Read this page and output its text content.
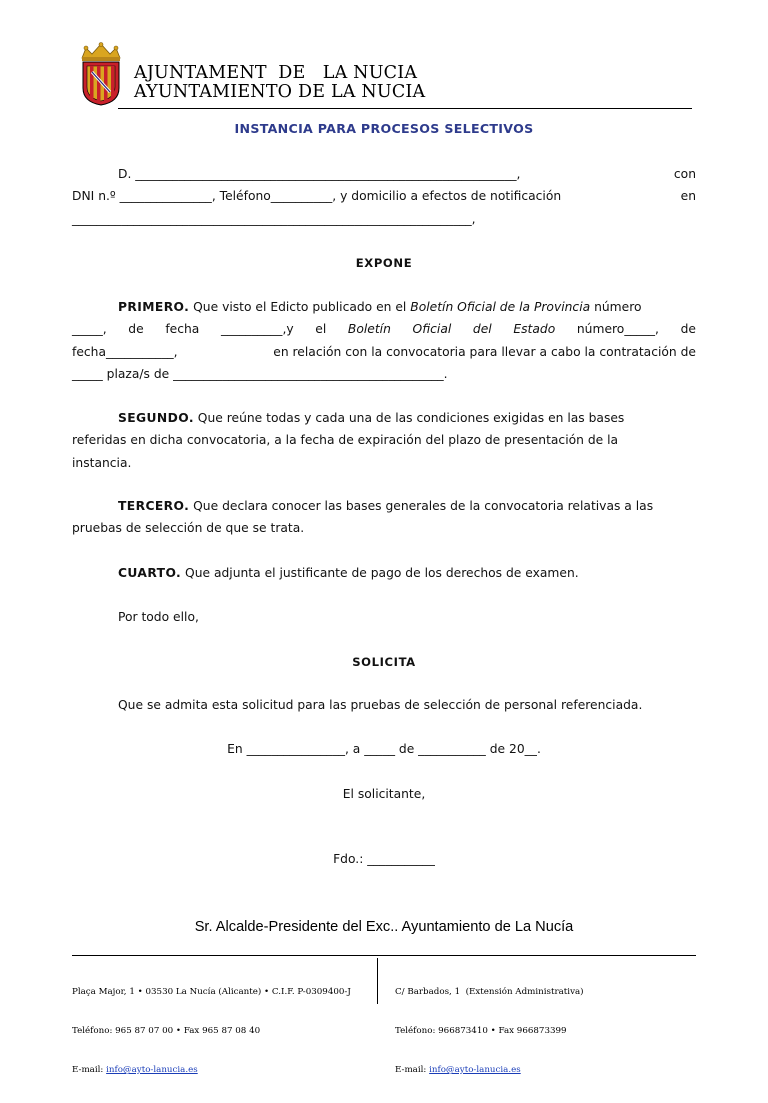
AJUNTAMENT  DE   LA NUCIA
AYUNTAMIENTO DE LA NUCIA
INSTANCIA PARA PROCESOS SELECTIVOS
D. ______________________________________________________________,	con
DNI n.º _______________, Teléfono__________, y domicilio a efectos de notificación	en
_________________________________________________________________,
EXPONE
PRIMERO. Que visto el Edicto publicado en el Boletín Oficial de la Provincia número
_____, de fecha __________,y el Boletín Oficial del Estado número_____, de
fecha___________,	en relación con la convocatoria para llevar a cabo la contratación de
_____ plaza/s de ____________________________________________.
SEGUNDO. Que reúne todas y cada una de las condiciones exigidas en las bases
referidas en dicha convocatoria, a la fecha de expiración del plazo de presentación de la
instancia.
TERCERO. Que declara conocer las bases generales de la convocatoria relativas a las
pruebas de selección de que se trata.
CUARTO. Que adjunta el justificante de pago de los derechos de examen.
Por todo ello,
SOLICITA
Que se admita esta solicitud para las pruebas de selección de personal referenciada.
En ________________, a _____ de ___________ de 20__.
El solicitante,
Fdo.: ___________
Sr. Alcalde-Presidente del Exc.. Ayuntamiento de La Nucía

Plaça Major, 1 • 03530 La Nucía (Alicante) • C.I.F. P-0309400-J

Teléfono: 965 87 07 00 • Fax 965 87 08 40

E-mail: info@ayto-lanucia.es

C/ Barbados, 1  (Extensión Administrativa)

Teléfono: 966873410 • Fax 966873399

E-mail: info@ayto-lanucia.es
